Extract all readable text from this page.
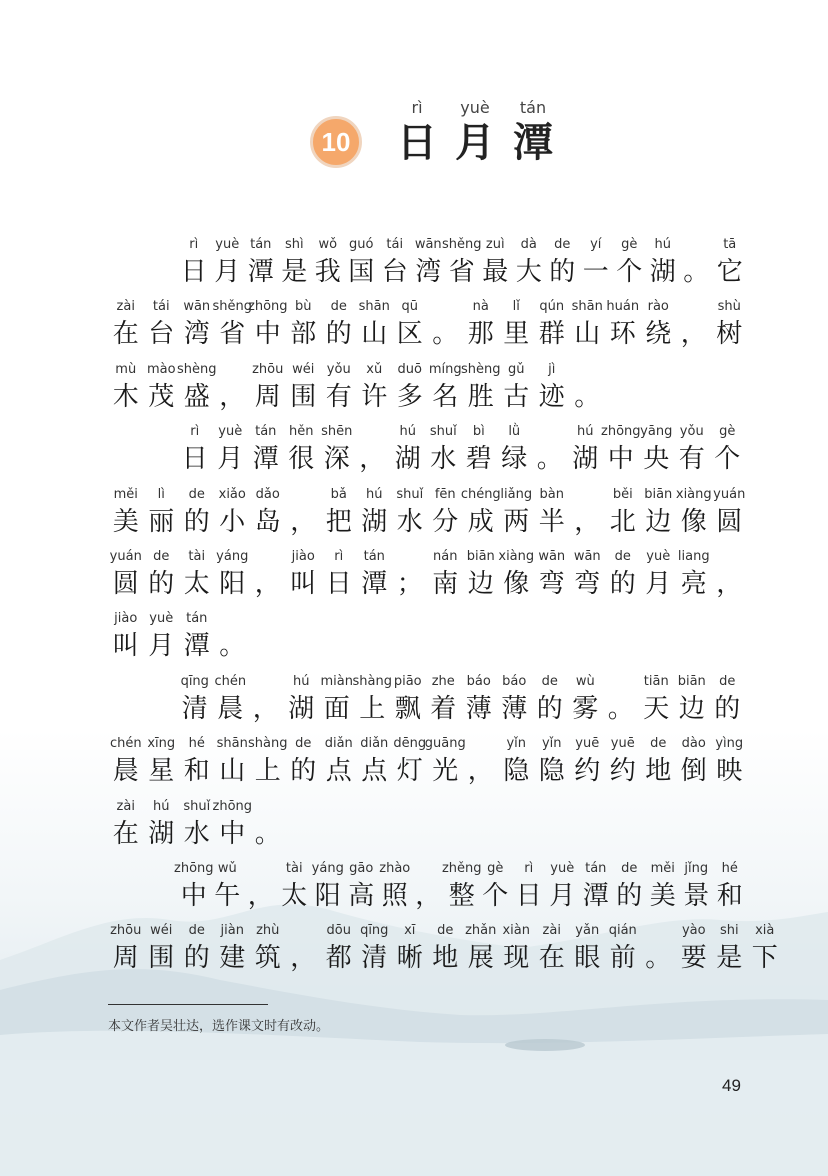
10
rì
日
yuè
月
tán
潭
rì
日
yuè
月
tán
潭
shì
是
wǒ
我
guó
国
tái
台
wān
湾
shěng
省
zuì
最
dà
大
de
的
yí
一
gè
个
hú
湖 。
tā
它
zài
在
tái
台
wān
湾
shěng
省
zhōng
中
bù
部
de
的
shān
山
qū
区 。
nà
那
lǐ
里
qún
群
shān
山
huán
环
rào
绕 ，
shù
树
mù
木
mào
茂
shèng
盛 ，
zhōu
周
wéi
围
yǒu
有
xǔ
许
duō
多
míng
名
shèng
胜
gǔ
古
jì
迹 。
rì
日
yuè
月
tán
潭
hěn
很
shēn
深 ，
hú
湖
shuǐ
水
bì
碧
lǜ
绿 。
hú
湖
zhōng
中
yāng
央
yǒu
有
gè
个
měi
美
lì
丽
de
的
xiǎo
小
dǎo
岛 ，
bǎ
把
hú
湖
shuǐ
水
fēn
分
chéng
成
liǎng
两
bàn
半 ，
běi
北
biān
边
xiàng
像
yuán
圆
yuán
圆
de
的
tài
太
yáng
阳 ，
jiào
叫
rì
日
tán
潭 ；
nán
南
biān
边
xiàng
像
wān
弯
wān
弯
de
的
yuè
月
liang
亮 ，
jiào
叫
yuè
月
tán
潭 。
qīng
清
chén
晨 ，
hú
湖
miàn
面
shàng
上
piāo
飘
zhe
着
báo
薄
báo
薄
de
的
wù
雾 。
tiān
天
biān
边
de
的
chén
晨
xīng
星
hé
和
shān
山
shàng
上
de
的
diǎn
点
diǎn
点
dēng
灯
guāng
光 ，
yǐn
隐
yǐn
隐
yuē
约
yuē
约
de
地
dào
倒
yìng
映
zài
在
hú
湖
shuǐ
水
zhōng
中 。
zhōng
中
wǔ
午 ，
tài
太
yáng
阳
gāo
高
zhào
照 ，
zhěng
整
gè
个
rì
日
yuè
月
tán
潭
de
的
měi
美
jǐng
景
hé
和
zhōu
周
wéi
围
de
的
jiàn
建
zhù
筑 ，
dōu
都
qīng
清
xī
晰
de
地
zhǎn
展
xiàn
现
zài
在
yǎn
眼
qián
前 。
yào
要
shi
是
xià
下
本文作者吴壮达，选作课文时有改动。
49
